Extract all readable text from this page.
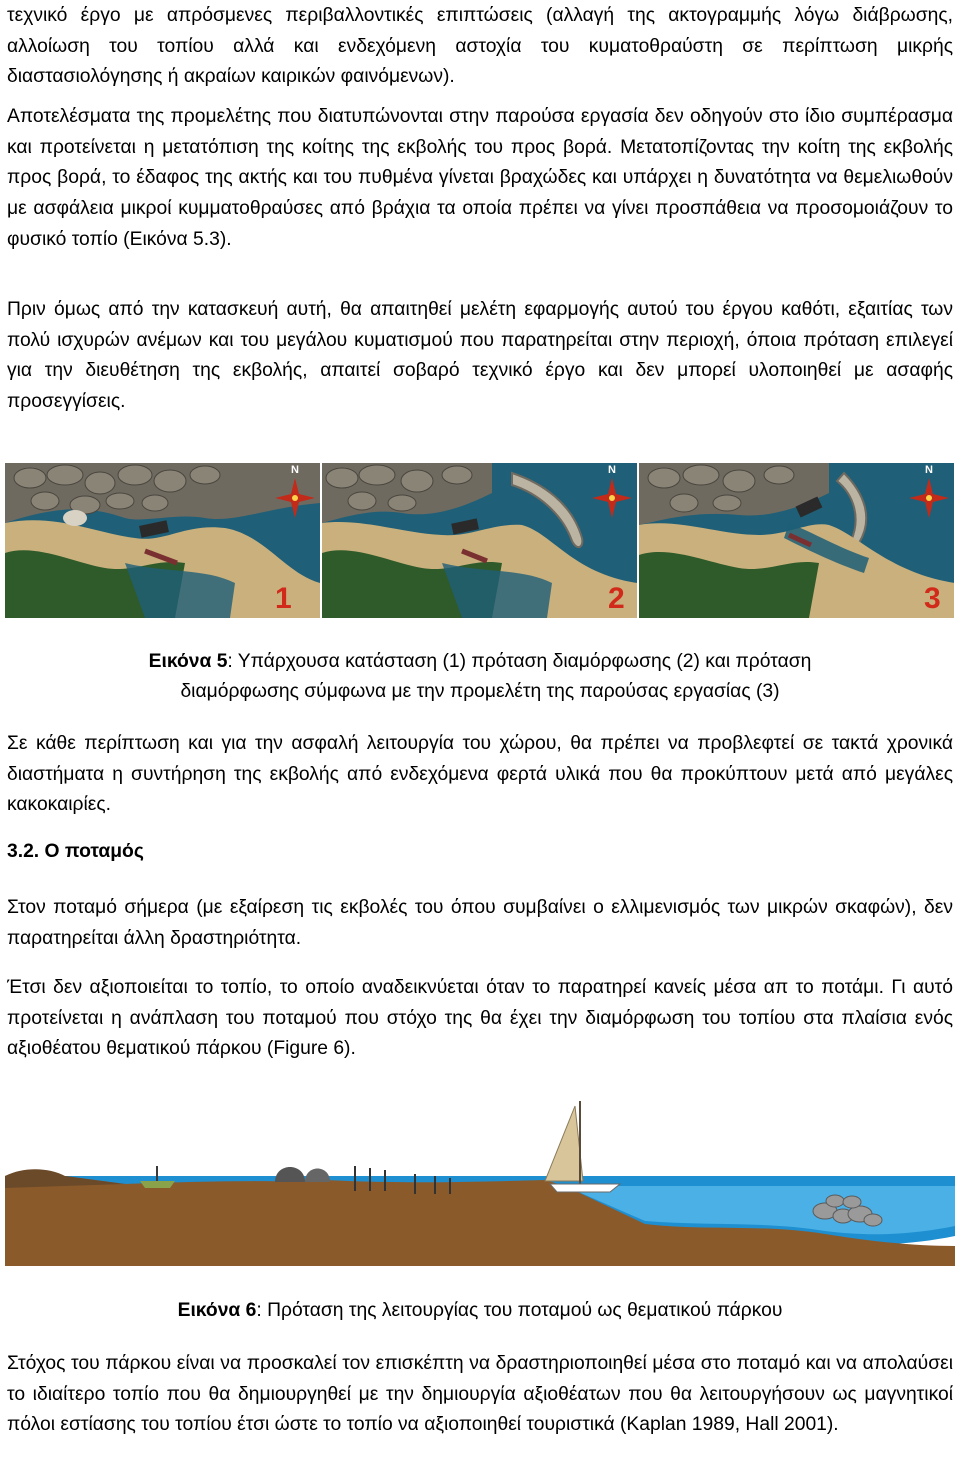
τεχνικό έργο με απρόσμενες περιβαλλοντικές επιπτώσεις (αλλαγή της ακτογραμμής λόγω διάβρωσης, αλλοίωση του τοπίου αλλά και ενδεχόμενη αστοχία του κυματοθραύστη σε περίπτωση μικρής διαστασιολόγησης ή ακραίων καιρικών φαινόμενων).

Αποτελέσματα της προμελέτης που διατυπώνονται στην παρούσα εργασία δεν οδηγούν στο ίδιο συμπέρασμα και προτείνεται η μετατόπιση της κοίτης της εκβολής του προς βορά. Μετατοπίζοντας την κοίτη της εκβολής προς βορά, το έδαφος της ακτής και του πυθμένα γίνεται βραχώδες και υπάρχει η δυνατότητα να θεμελιωθούν με ασφάλεια μικροί κυμματοθραύσες από βράχια τα οποία πρέπει να γίνει προσπάθεια να προσομοιάζουν το φυσικό τοπίο (Εικόνα 5.3).

Πριν όμως από την κατασκευή αυτή, θα απαιτηθεί μελέτη εφαρμογής αυτού του έργου καθότι, εξαιτίας των πολύ ισχυρών ανέμων και του μεγάλου κυματισμού που παρατηρείται στην περιοχή, όποια πρόταση επιλεγεί για την διευθέτηση της εκβολής, απαιτεί σοβαρό τεχνικό έργο και δεν μπορεί υλοποιηθεί με ασαφής προσεγγίσεις.

N
1
N
2
N
3

Εικόνα 5: Υπάρχουσα κατάσταση (1) πρόταση διαμόρφωσης (2) και πρόταση
διαμόρφωσης σύμφωνα με την προμελέτη της παρούσας εργασίας (3)

Σε κάθε περίπτωση και για την ασφαλή λειτουργία του χώρου, θα πρέπει να προβλεφτεί σε τακτά χρονικά διαστήματα η συντήρηση της εκβολής από ενδεχόμενα φερτά υλικά που θα προκύπτουν μετά από μεγάλες κακοκαιρίες.

3.2. Ο ποταμός

Στον ποταμό σήμερα (με εξαίρεση τις εκβολές του όπου συμβαίνει ο ελλιμενισμός των μικρών σκαφών), δεν παρατηρείται άλλη δραστηριότητα.

Έτσι δεν αξιοποιείται το τοπίο, το οποίο αναδεικνύεται όταν το παρατηρεί κανείς μέσα απ το ποτάμι. Γι αυτό προτείνεται η ανάπλαση του ποταμού που στόχο της θα έχει την διαμόρφωση του τοπίου στα πλαίσια ενός αξιοθέατου θεματικού πάρκου (Figure 6).

Εικόνα 6: Πρόταση της λειτουργίας του ποταμού ως θεματικού πάρκου

Στόχος του πάρκου είναι να προσκαλεί τον επισκέπτη να δραστηριοποιηθεί μέσα στο ποταμό και να απολαύσει το ιδιαίτερο τοπίο που θα δημιουργηθεί με την δημιουργία αξιοθέατων που θα λειτουργήσουν ως μαγνητικοί πόλοι εστίασης του τοπίου έτσι ώστε το τοπίο να αξιοποιηθεί τουριστικά (Kaplan 1989, Hall 2001).
